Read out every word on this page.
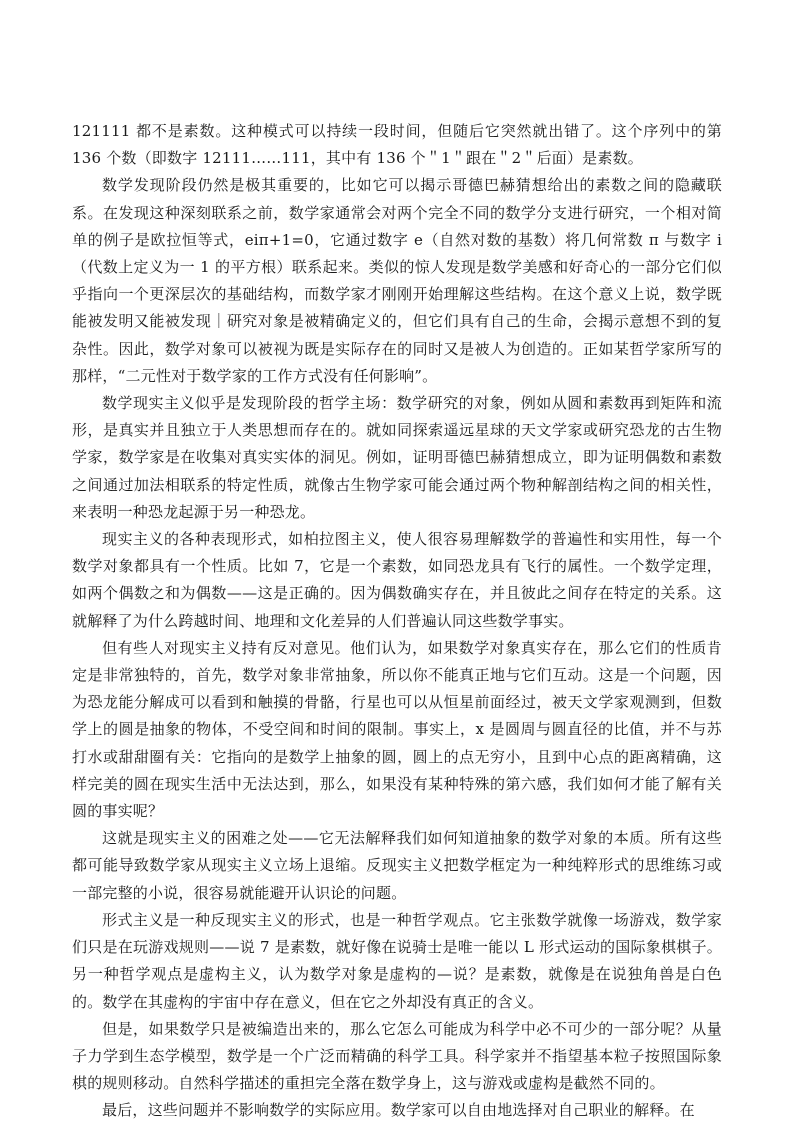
121111 都不是素数。这种模式可以持续一段时间，但随后它突然就出错了。这个序列中的第 136 个数（即数字 12111……111，其中有 136 个＂1＂跟在＂2＂后面）是素数。

数学发现阶段仍然是极其重要的，比如它可以揭示哥德巴赫猜想给出的素数之间的隐藏联系。在发现这种深刻联系之前，数学家通常会对两个完全不同的数学分支进行研究，一个相对简单的例子是欧拉恒等式，eiπ+1=0，它通过数字 e（自然对数的基数）将几何常数 π 与数字 i（代数上定义为一 1 的平方根）联系起来。类似的惊人发现是数学美感和好奇心的一部分它们似乎指向一个更深层次的基础结构，而数学家才刚刚开始理解这些结构。在这个意义上说，数学既能被发明又能被发现｜研究对象是被精确定义的，但它们具有自己的生命，会揭示意想不到的复杂性。因此，数学对象可以被视为既是实际存在的同时又是被人为创造的。正如某哲学家所写的那样，“二元性对于数学家的工作方式没有任何影响”。

数学现实主义似乎是发现阶段的哲学主场：数学研究的对象，例如从圆和素数再到矩阵和流形，是真实并且独立于人类思想而存在的。就如同探索遥远星球的天文学家或研究恐龙的古生物学家，数学家是在收集对真实实体的洞见。例如，证明哥德巴赫猜想成立，即为证明偶数和素数之间通过加法相联系的特定性质，就像古生物学家可能会通过两个物种解剖结构之间的相关性，来表明一种恐龙起源于另一种恐龙。

现实主义的各种表现形式，如柏拉图主义，使人很容易理解数学的普遍性和实用性，每一个数学对象都具有一个性质。比如 7，它是一个素数，如同恐龙具有飞行的属性。一个数学定理，如两个偶数之和为偶数——这是正确的。因为偶数确实存在，并且彼此之间存在特定的关系。这就解释了为什么跨越时间、地理和文化差异的人们普遍认同这些数学事实。

但有些人对现实主义持有反对意见。他们认为，如果数学对象真实存在，那么它们的性质肯定是非常独特的，首先，数学对象非常抽象，所以你不能真正地与它们互动。这是一个问题，因为恐龙能分解成可以看到和触摸的骨骼，行星也可以从恒星前面经过，被天文学家观测到，但数学上的圆是抽象的物体，不受空间和时间的限制。事实上，x 是圆周与圆直径的比值，并不与苏打水或甜甜圈有关：它指向的是数学上抽象的圆，圆上的点无穷小，且到中心点的距离精确，这样完美的圆在现实生活中无法达到，那么，如果没有某种特殊的第六感，我们如何才能了解有关圆的事实呢？

这就是现实主义的困难之处——它无法解释我们如何知道抽象的数学对象的本质。所有这些都可能导致数学家从现实主义立场上退缩。反现实主义把数学框定为一种纯粹形式的思维练习或一部完整的小说，很容易就能避开认识论的问题。

形式主义是一种反现实主义的形式，也是一种哲学观点。它主张数学就像一场游戏，数学家们只是在玩游戏规则——说 7 是素数，就好像在说骑士是唯一能以 L 形式运动的国际象棋棋子。另一种哲学观点是虚构主义，认为数学对象是虚构的—说？是素数，就像是在说独角兽是白色的。数学在其虚构的宇宙中存在意义，但在它之外却没有真正的含义。

但是，如果数学只是被编造出来的，那么它怎么可能成为科学中必不可少的一部分呢？从量子力学到生态学模型，数学是一个广泛而精确的科学工具。科学家并不指望基本粒子按照国际象棋的规则移动。自然科学描述的重担完全落在数学身上，这与游戏或虚构是截然不同的。

最后，这些问题并不影响数学的实际应用。数学家可以自由地选择对自己职业的解释。在
